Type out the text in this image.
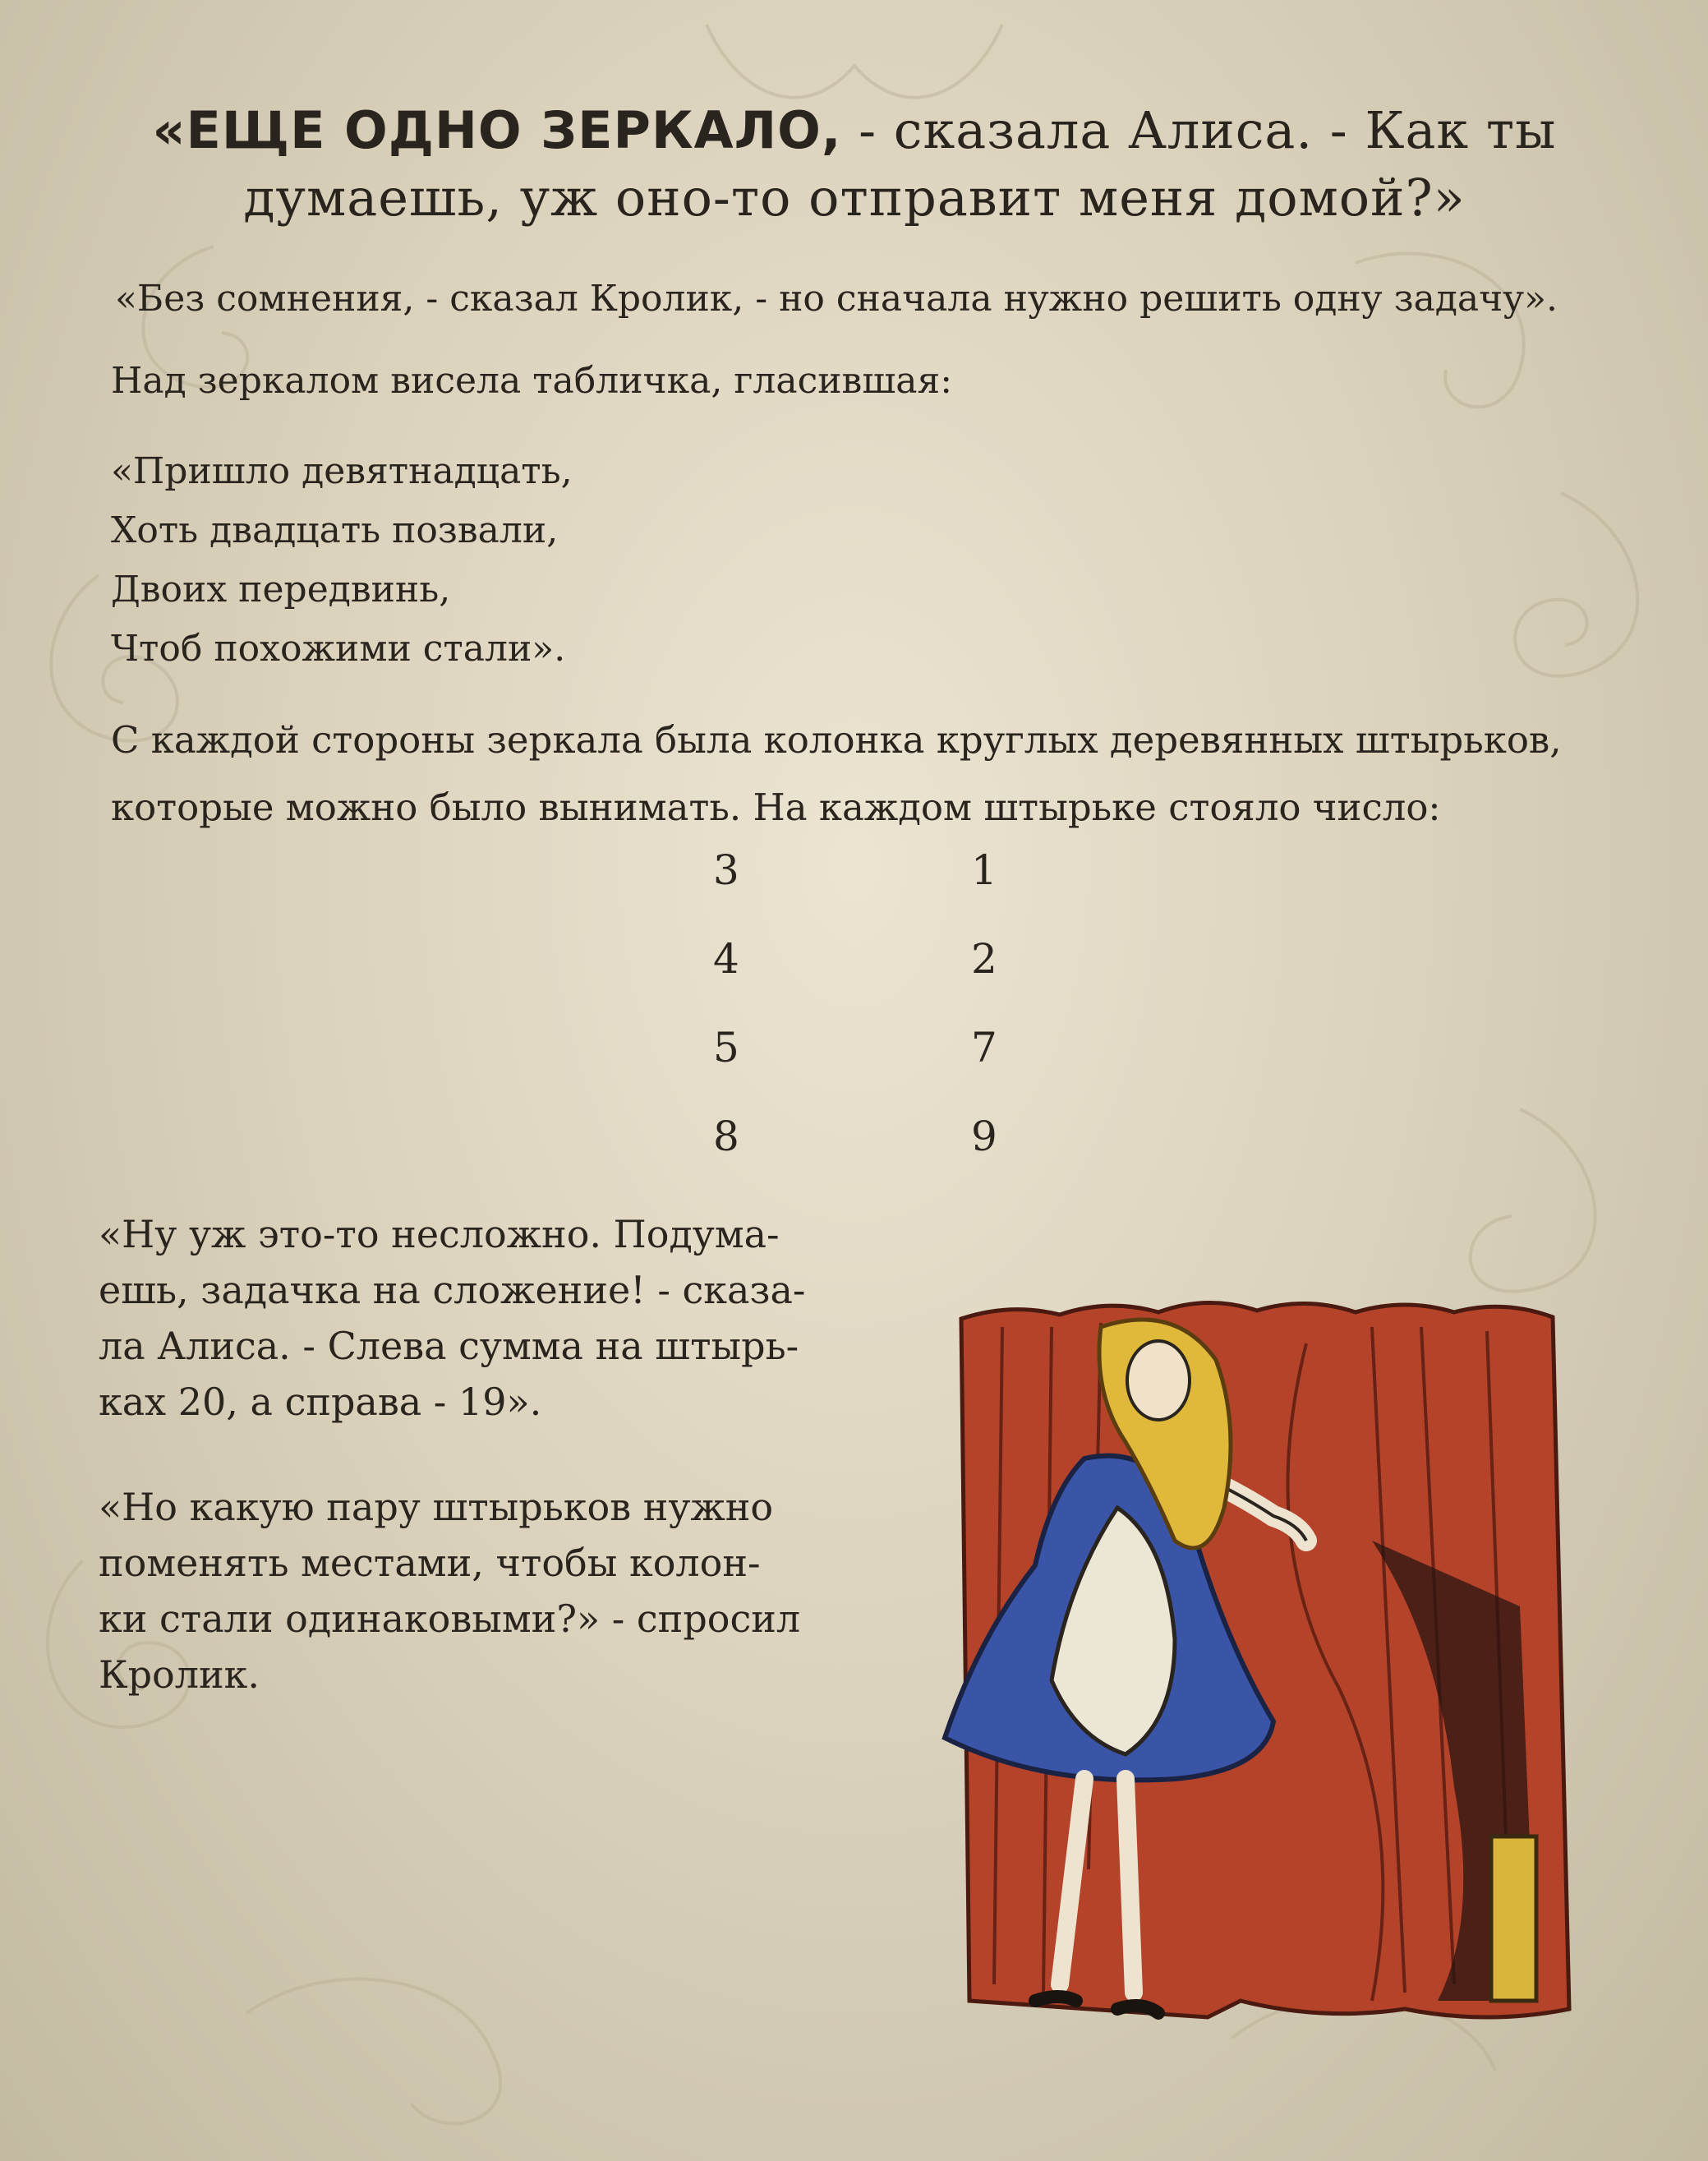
«ЕЩЕ ОДНО ЗЕРКАЛО, - сказала Алиса. - Как ты
думаешь, уж оно-то отправит меня домой?»
«Без сомнения, - сказал Кролик, - но сначала нужно решить одну задачу».
Над зеркалом висела табличка, гласившая:
«Пришло девятнадцать,
Хоть двадцать позвали,
Двоих передвинь,
Чтоб похожими стали».
С каждой стороны зеркала была колонка круглых деревянных штырьков,
которые можно было вынимать. На каждом штырьке стояло число:
3
4
5
8
1
2
7
9
«Ну уж это-то несложно. Подума-
ешь, задачка на сложение! - сказа-
ла Алиса. - Слева сумма на штырь-
ках 20, а справа - 19».
«Но какую пару штырьков нужно
поменять местами, чтобы колон-
ки стали одинаковыми?» - спросил
Кролик.
